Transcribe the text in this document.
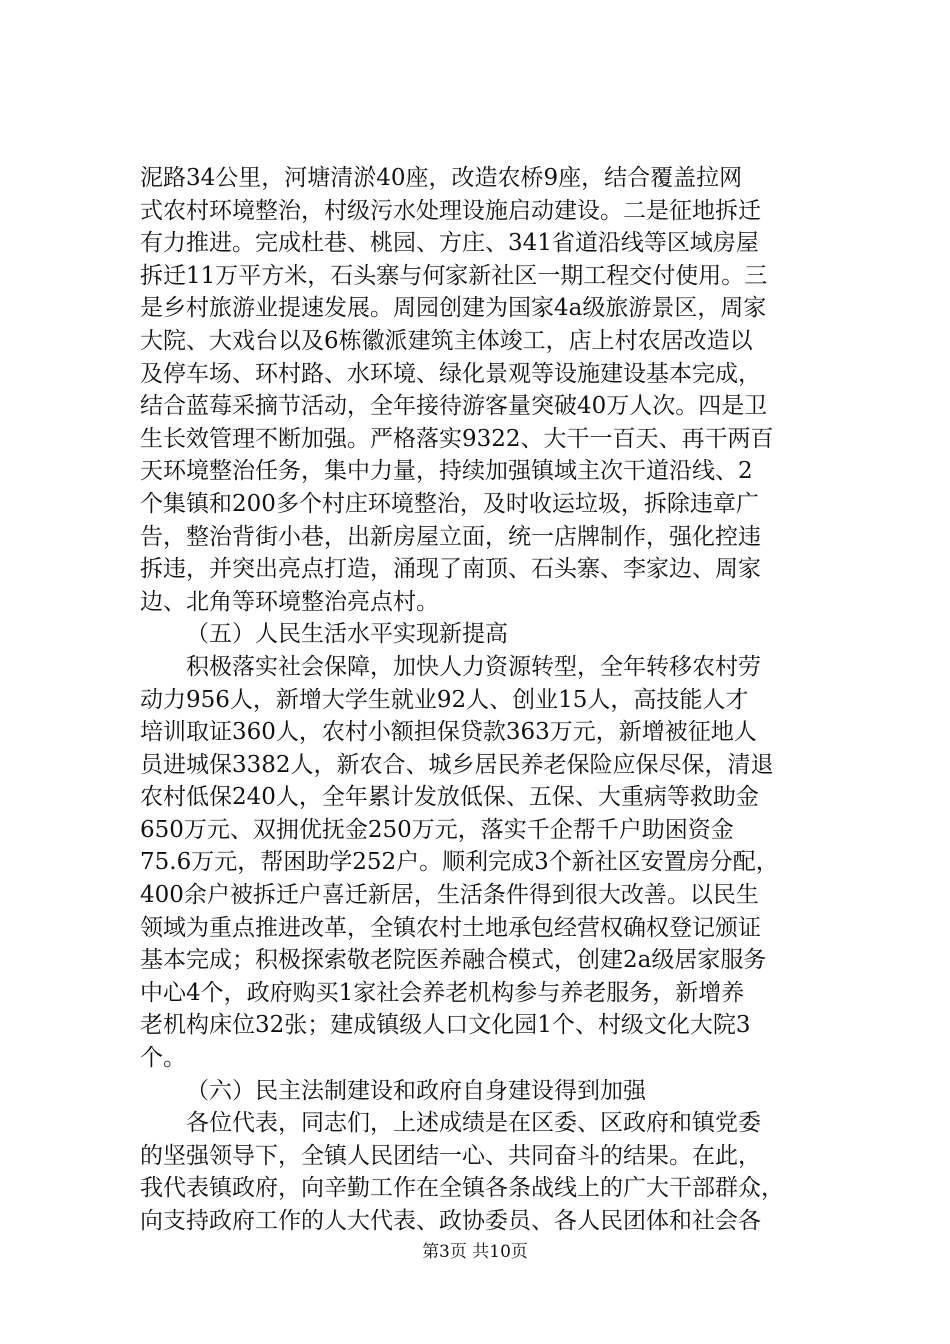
泥路34公里，河塘清淤40座，改造农桥9座，结合覆盖拉网
式农村环境整治，村级污水处理设施启动建设。二是征地拆迁
有力推进。完成杜巷、桃园、方庄、341省道沿线等区域房屋
拆迁11万平方米，石头寨与何家新社区一期工程交付使用。三
是乡村旅游业提速发展。周园创建为国家4a级旅游景区，周家
大院、大戏台以及6栋徽派建筑主体竣工，店上村农居改造以
及停车场、环村路、水环境、绿化景观等设施建设基本完成，
结合蓝莓采摘节活动，全年接待游客量突破40万人次。四是卫
生长效管理不断加强。严格落实9322、大干一百天、再干两百
天环境整治任务，集中力量，持续加强镇域主次干道沿线、2
个集镇和200多个村庄环境整治，及时收运垃圾，拆除违章广
告，整治背街小巷，出新房屋立面，统一店牌制作，强化控违
拆违，并突出亮点打造，涌现了南顶、石头寨、李家边、周家
边、北角等环境整治亮点村。
（五）人民生活水平实现新提高
积极落实社会保障，加快人力资源转型，全年转移农村劳
动力956人，新增大学生就业92人、创业15人，高技能人才
培训取证360人，农村小额担保贷款363万元，新增被征地人
员进城保3382人，新农合、城乡居民养老保险应保尽保，清退
农村低保240人，全年累计发放低保、五保、大重病等救助金
650万元、双拥优抚金250万元，落实千企帮千户助困资金
75.6万元，帮困助学252户。顺利完成3个新社区安置房分配，
400余户被拆迁户喜迁新居，生活条件得到很大改善。以民生
领域为重点推进改革，全镇农村土地承包经营权确权登记颁证
基本完成；积极探索敬老院医养融合模式，创建2a级居家服务
中心4个，政府购买1家社会养老机构参与养老服务，新增养
老机构床位32张；建成镇级人口文化园1个、村级文化大院3
个。
（六）民主法制建设和政府自身建设得到加强
各位代表，同志们，上述成绩是在区委、区政府和镇党委
的坚强领导下，全镇人民团结一心、共同奋斗的结果。在此，
我代表镇政府，向辛勤工作在全镇各条战线上的广大干部群众，
向支持政府工作的人大代表、政协委员、各人民团体和社会各
第3页 共10页
